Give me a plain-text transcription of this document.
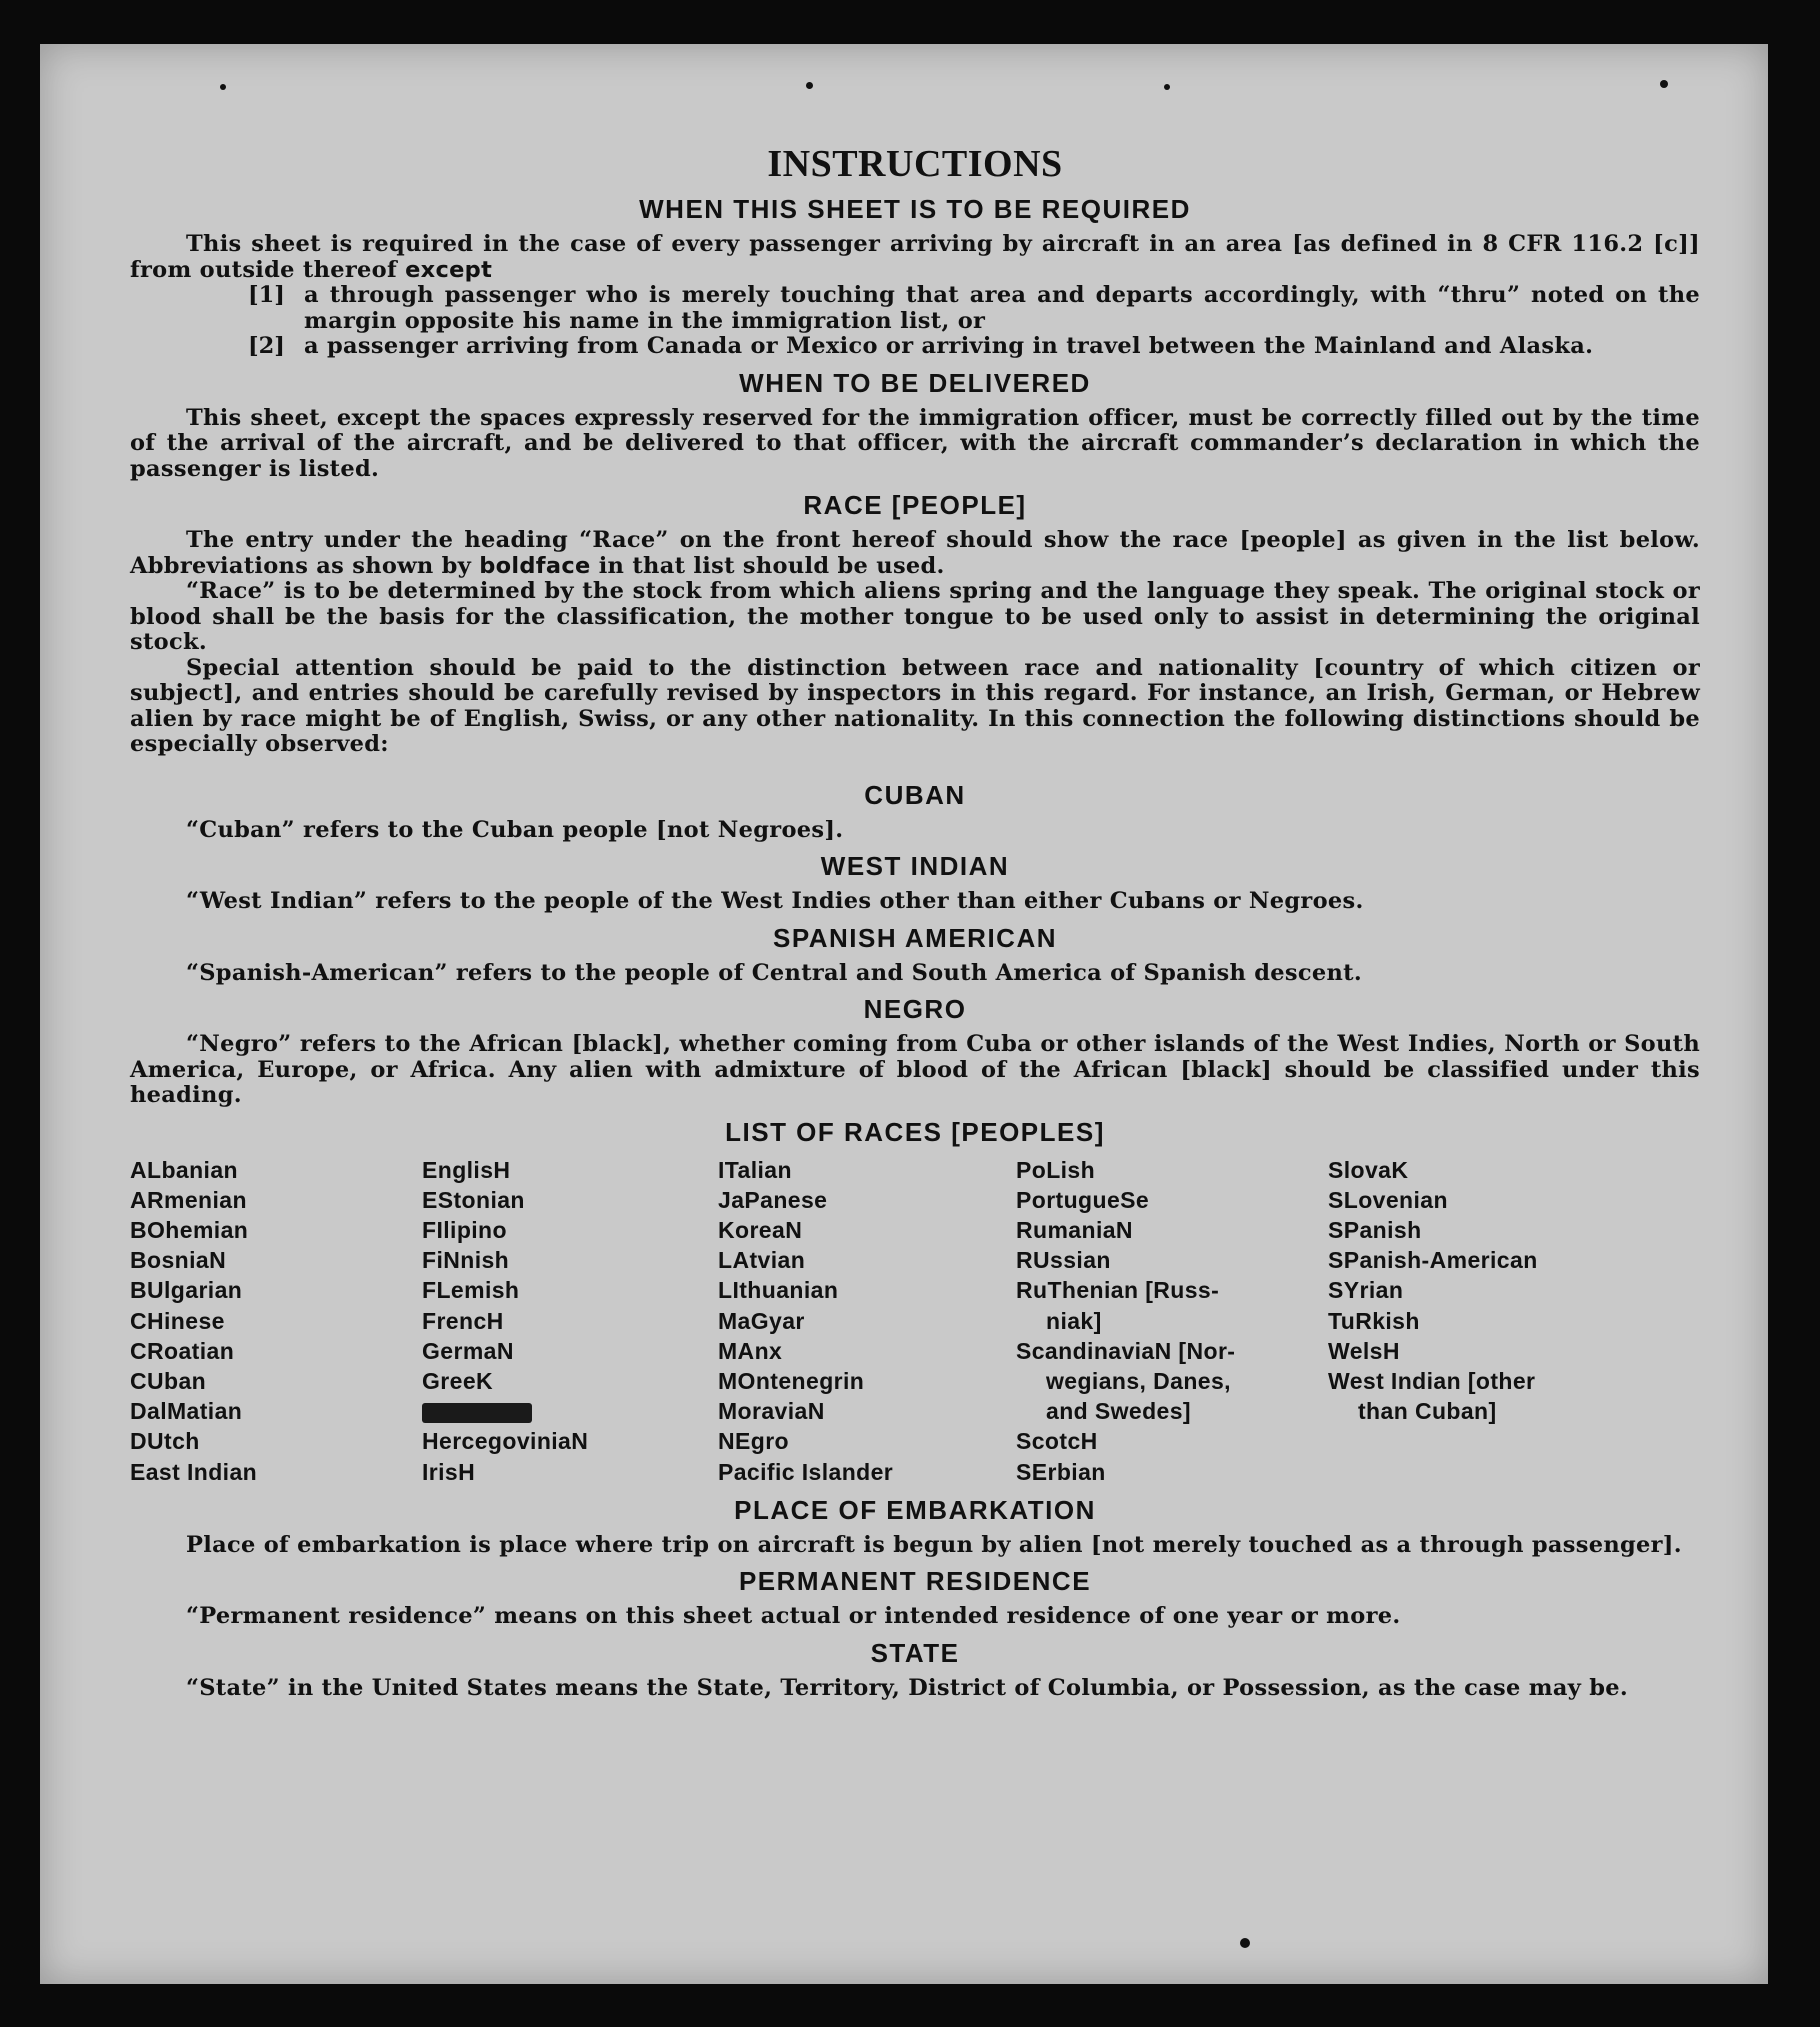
INSTRUCTIONS
WHEN THIS SHEET IS TO BE REQUIRED

This sheet is required in the case of every passenger arriving by aircraft in an area [as defined in 8 CFR 116.2 [c]] from outside thereof except

[1] a through passenger who is merely touching that area and departs accordingly, with “thru” noted on the margin opposite his name in the immigration list, or

[2] a passenger arriving from Canada or Mexico or arriving in travel between the Mainland and Alaska.

WHEN TO BE DELIVERED

This sheet, except the spaces expressly reserved for the immigration officer, must be correctly filled out by the time of the arrival of the aircraft, and be delivered to that officer, with the aircraft commander’s declaration in which the passenger is listed.

RACE [PEOPLE]

The entry under the heading “Race” on the front hereof should show the race [people] as given in the list below. Abbreviations as shown by boldface in that list should be used.

“Race” is to be determined by the stock from which aliens spring and the language they speak. The original stock or blood shall be the basis for the classification, the mother tongue to be used only to assist in determining the original stock.

Special attention should be paid to the distinction between race and nationality [country of which citizen or subject], and entries should be carefully revised by inspectors in this regard. For instance, an Irish, German, or Hebrew alien by race might be of English, Swiss, or any other nationality. In this connection the following distinctions should be especially observed:

CUBAN

“Cuban” refers to the Cuban people [not Negroes].

WEST INDIAN

“West Indian” refers to the people of the West Indies other than either Cubans or Negroes.

SPANISH AMERICAN

“Spanish-American” refers to the people of Central and South America of Spanish descent.

NEGRO

“Negro” refers to the African [black], whether coming from Cuba or other islands of the West Indies, North or South America, Europe, or Africa. Any alien with admixture of blood of the African [black] should be classified under this heading.

LIST OF RACES [PEOPLES]
ALbanian
ARmenian
BOhemian
BosniaN
BUlgarian
CHinese
CRoatian
CUban
DalMatian
DUtch
East Indian
EnglisH
EStonian
FIlipino
FiNnish
FLemish
FrencH
GermaN
GreeK
HercegoviniaN
IrisH
ITalian
JaPanese
KoreaN
LAtvian
LIthuanian
MaGyar
MAnx
MOntenegrin
MoraviaN
NEgro
Pacific Islander
PoLish
PortugueSe
RumaniaN
RUssian
RuThenian [Russ-
niak]
ScandinaviaN [Nor-
wegians, Danes,
and Swedes]
ScotcH
SErbian
SlovaK
SLovenian
SPanish
SPanish-American
SYrian
TuRkish
WelsH
West Indian [other
than Cuban]
PLACE OF EMBARKATION

Place of embarkation is place where trip on aircraft is begun by alien [not merely touched as a through passenger].

PERMANENT RESIDENCE

“Permanent residence” means on this sheet actual or intended residence of one year or more.

STATE

“State” in the United States means the State, Territory, District of Columbia, or Possession, as the case may be.
